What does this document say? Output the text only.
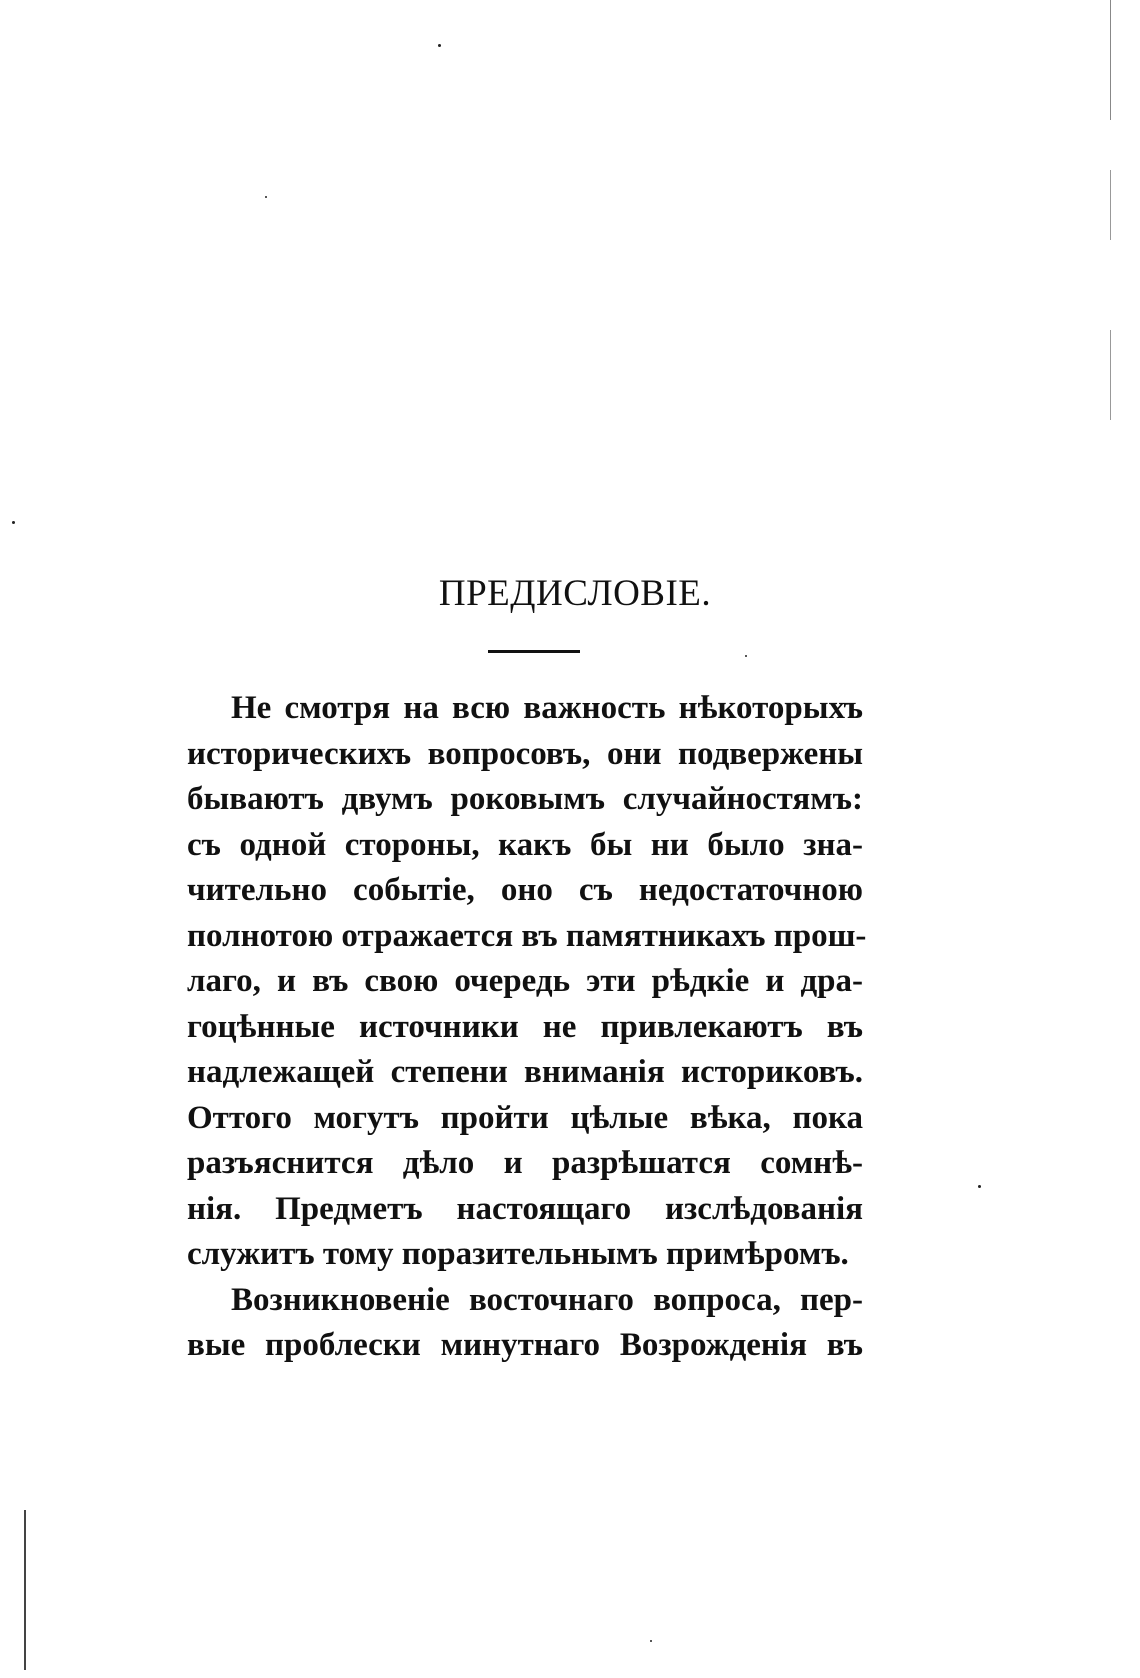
ПРЕДИСЛОВІЕ.
Не смотря на всю важность нѣкоторыхъ
историческихъ вопросовъ, они подвержены
бываютъ двумъ роковымъ случайностямъ:
съ одной стороны, какъ бы ни было зна-
чительно событіе, оно съ недостаточною
полнотою отражается въ памятникахъ прош-
лаго, и въ свою очередь эти рѣдкіе и дра-
гоцѣнные источники не привлекаютъ въ
надлежащей степени вниманія историковъ.
Оттого могутъ пройти цѣлые вѣка, пока
разъяснится дѣло и разрѣшатся сомнѣ-
нія. Предметъ настоящаго изслѣдованія
служитъ тому поразительнымъ примѣромъ.
Возникновеніе восточнаго вопроса, пер-
вые проблески минутнаго Возрожденія въ
